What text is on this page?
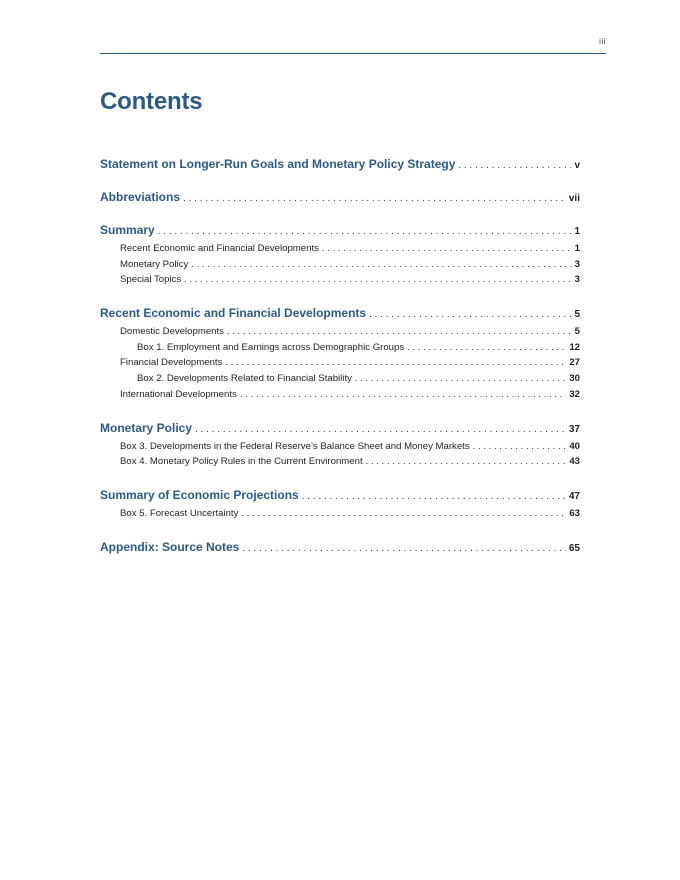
iii
Contents
Statement on Longer-Run Goals and Monetary Policy Strategy . . .	v
Abbreviations . . .	vii
Summary . . .	1
Recent Economic and Financial Developments . . .	1
Monetary Policy . . .	3
Special Topics . . .	3
Recent Economic and Financial Developments . . .	5
Domestic Developments . . .	5
Box 1. Employment and Earnings across Demographic Groups . . .	12
Financial Developments . . .	27
Box 2. Developments Related to Financial Stability . . .	30
International Developments . . .	32
Monetary Policy . . .	37
Box 3. Developments in the Federal Reserve’s Balance Sheet and Money Markets . . .	40
Box 4. Monetary Policy Rules in the Current Environment . . .	43
Summary of Economic Projections . . .	47
Box 5. Forecast Uncertainty . . .	63
Appendix: Source Notes . . .	65
